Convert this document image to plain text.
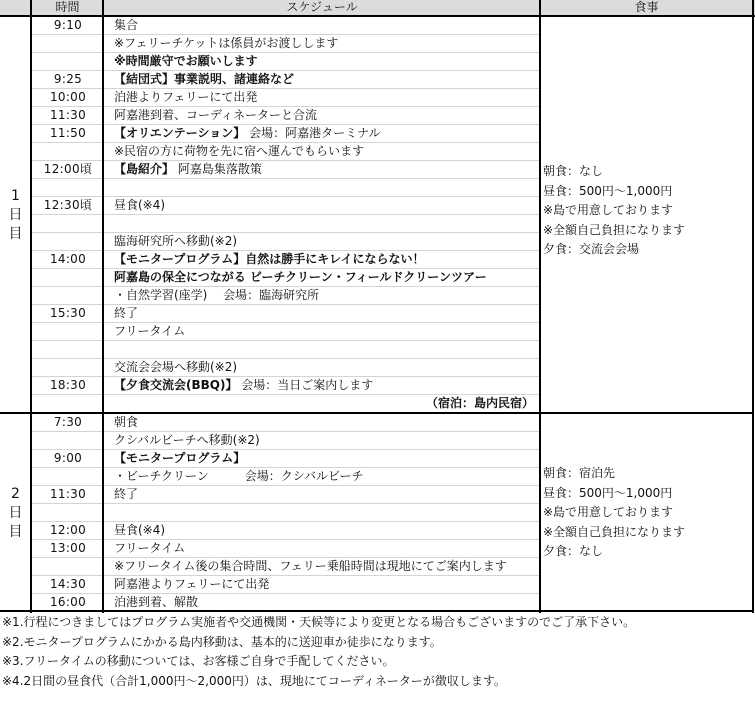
時間	スケジュール	食事
1
日
目
9:10	集合
※フェリーチケットは係員がお渡しします
※時間厳守でお願いします
9:25	【結団式】事業説明、諸連絡など
10:00	泊港よりフェリーにて出発
11:30	阿嘉港到着、コーディネーターと合流
11:50	【オリエンテーション】 会場：阿嘉港ターミナル
※民宿の方に荷物を先に宿へ運んでもらいます
12:00頃	【島紹介】 阿嘉島集落散策
12:30頃	昼食(※4)
臨海研究所へ移動(※2)
14:00	【モニタープログラム】自然は勝手にキレイにならない！
阿嘉島の保全につながる ビーチクリーン・フィールドクリーンツアー
・自然学習(座学)　 会場：臨海研究所
15:30	終了
フリータイム
交流会会場へ移動(※2)
18:30	【夕食交流会(BBQ)】 会場：当日ご案内します
（宿泊：島内民宿）
朝食：なし
昼食：500円～1,000円
※島で用意しております
※全額自己負担になります
夕食：交流会会場
2
日
目
7:30	朝食
クシバルビーチへ移動(※2)
9:00	【モニタープログラム】
・ビーチクリーン　　　会場：クシバルビーチ
11:30	終了
12:00	昼食(※4)
13:00	フリータイム
※フリータイム後の集合時間、フェリー乗船時間は現地にてご案内します
14:30	阿嘉港よりフェリーにて出発
16:00	泊港到着、解散
朝食：宿泊先
昼食：500円～1,000円
※島で用意しております
※全額自己負担になります
夕食：なし
※1.行程につきましてはプログラム実施者や交通機関・天候等により変更となる場合もございますのでご了承下さい。
※2.モニタープログラムにかかる島内移動は、基本的に送迎車か徒歩になります。
※3.フリータイムの移動については、お客様ご自身で手配してください。
※4.2日間の昼食代（合計1,000円～2,000円）は、現地にてコーディネーターが徴収します。
